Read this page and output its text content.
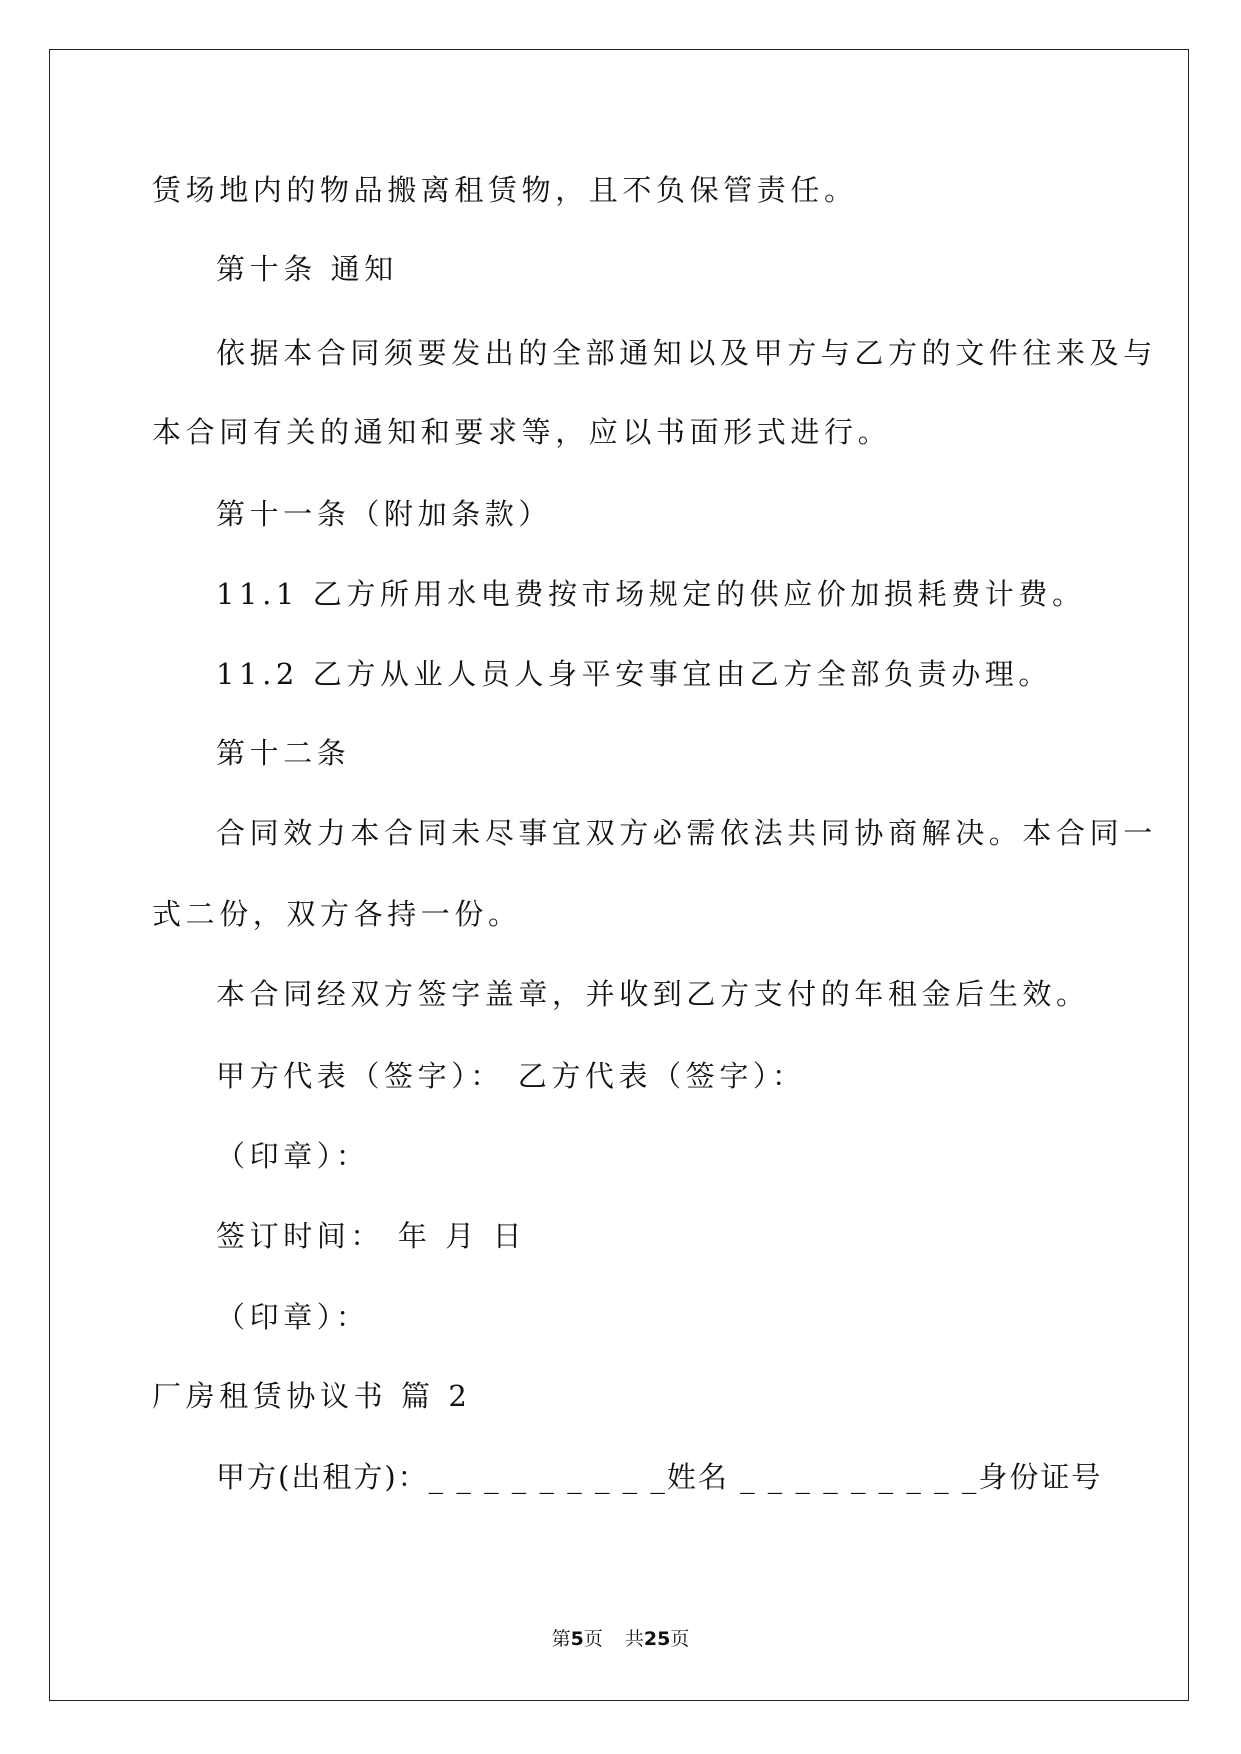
赁场地内的物品搬离租赁物，且不负保管责任。
第十条 通知
依据本合同须要发出的全部通知以及甲方与乙方的文件往来及与
本合同有关的通知和要求等，应以书面形式进行。
第十一条（附加条款）
11.1 乙方所用水电费按市场规定的供应价加损耗费计费。
11.2 乙方从业人员人身平安事宜由乙方全部负责办理。
第十二条
合同效力本合同未尽事宜双方必需依法共同协商解决。本合同一
式二份，双方各持一份。
本合同经双方签字盖章，并收到乙方支付的年租金后生效。
甲方代表（签字）： 乙方代表（签字）：
（印章）：
签订时间： 年 月 日
（印章）：
厂房租赁协议书 篇 2
甲方(出租方)：_ _ _ _ _ _ _ _ _姓名 _ _ _ _ _ _ _ _ _身份证号
第5页 共25页
